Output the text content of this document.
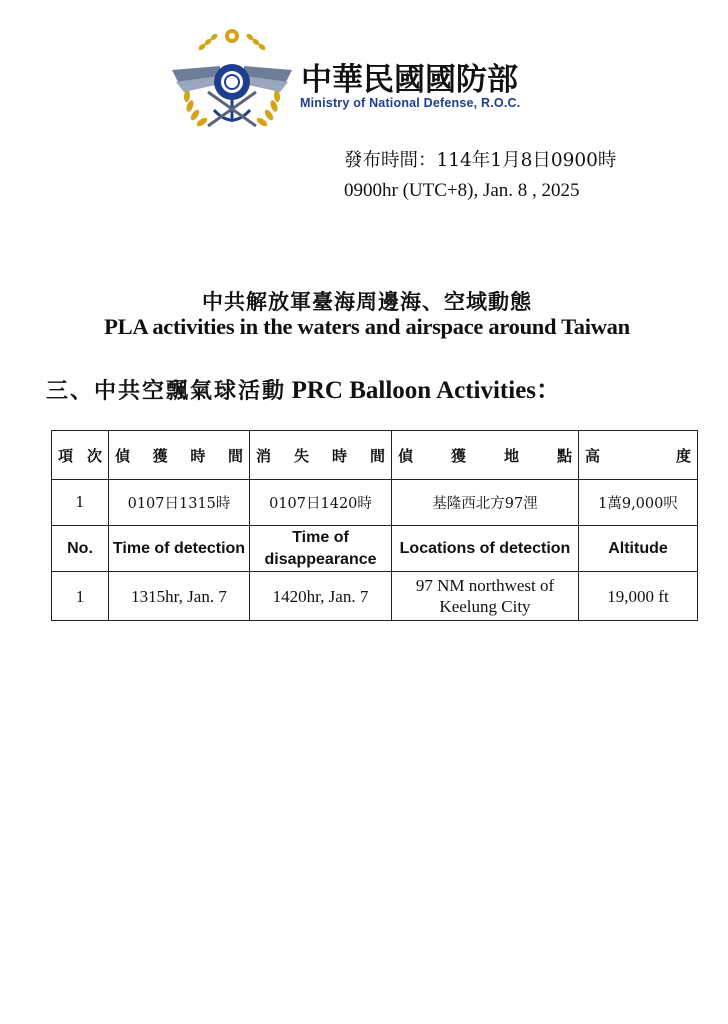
中華民國國防部
Ministry of National Defense, R.O.C.
發布時間：114年1月8日0900時
0900hr (UTC+8), Jan. 8 , 2025
中共解放軍臺海周邊海、空域動態
PLA activities in the waters and airspace around Taiwan
三、中共空飄氣球活動 PRC Balloon Activities：
項次	偵獲時間	消失時間	偵獲地點	高度
1	0107日1315時	0107日1420時	基隆西北方97浬	1萬9,000呎
No.	Time of detection	Time of disappearance	Locations of detection	Altitude
1	1315hr, Jan. 7	1420hr, Jan. 7	97 NM northwest of Keelung City	19,000 ft
